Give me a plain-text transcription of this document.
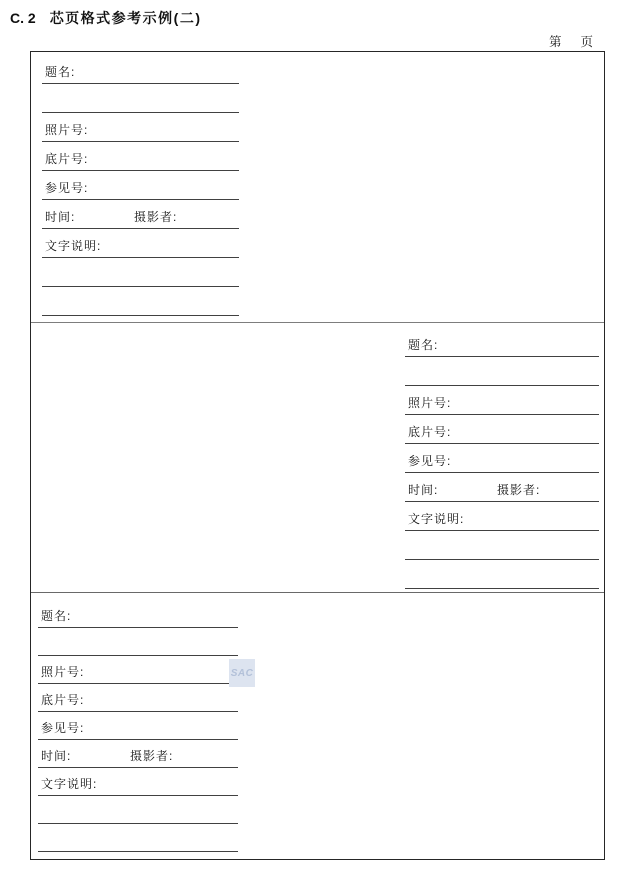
C. 2 芯页格式参考示例(二)
第 页
题名:
照片号:
底片号:
参见号:
时间:	摄影者:
文字说明:
题名:
照片号:
底片号:
参见号:
时间:	摄影者:
文字说明:
题名:
照片号:
底片号:
参见号:
时间:	摄影者:
文字说明:
SAC
